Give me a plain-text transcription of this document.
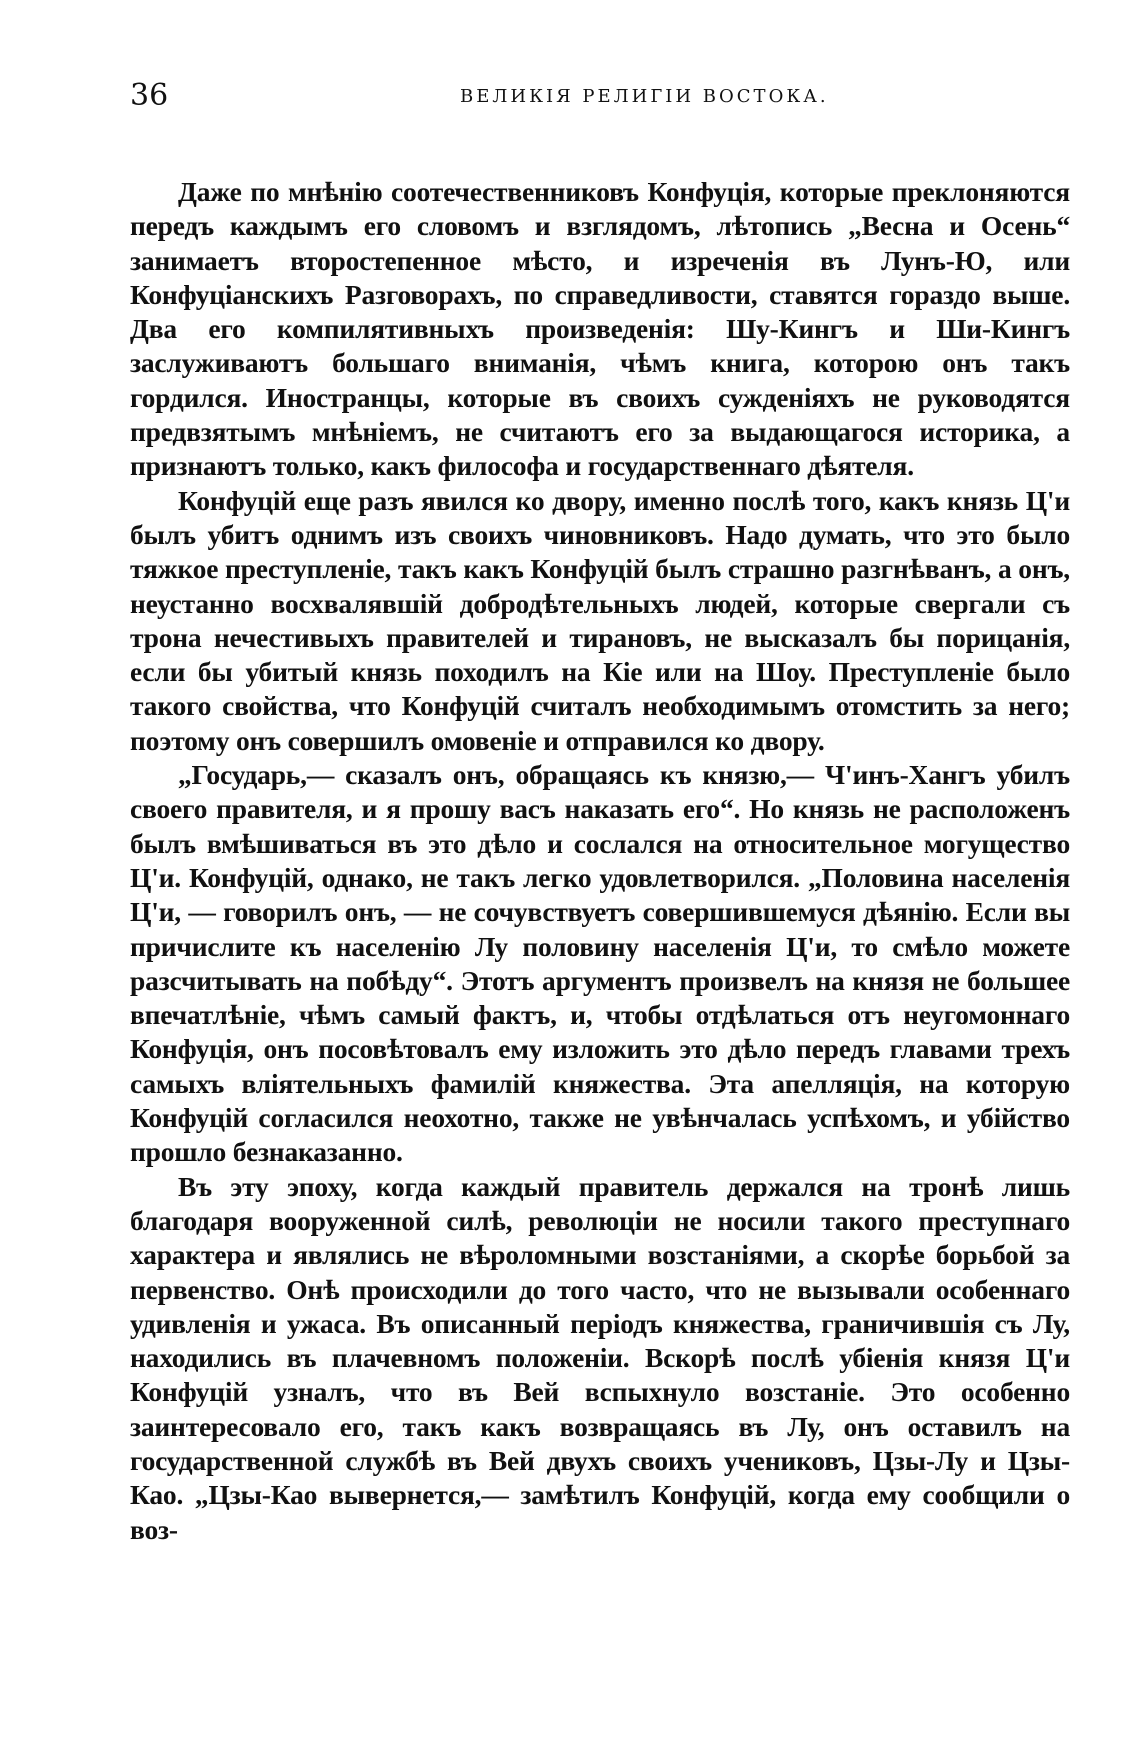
36	ВЕЛИКІЯ РЕЛИГІИ ВОСТОКА.

Даже по мнѣнію соотечественниковъ Конфуція, которые преклоняются передъ каждымъ его словомъ и взглядомъ, лѣтопись „Весна и Осень“ занимаетъ второстепенное мѣсто, и изреченія въ Лунъ-Ю, или Конфуціанскихъ Разговорахъ, по справедливости, ставятся гораздо выше. Два его компилятивныхъ произведенія: Шу-Кингъ и Ши-Кингъ заслуживаютъ большаго вниманія, чѣмъ книга, которою онъ такъ гордился. Иностранцы, которые въ своихъ сужденіяхъ не руководятся предвзятымъ мнѣніемъ, не считаютъ его за выдающагося историка, а признаютъ только, какъ философа и государственнаго дѣятеля.

Конфуцій еще разъ явился ко двору, именно послѣ того, какъ князь Ц'и былъ убитъ однимъ изъ своихъ чиновниковъ. Надо думать, что это было тяжкое преступленіе, такъ какъ Конфуцій былъ страшно разгнѣванъ, а онъ, неустанно восхвалявшій добродѣтельныхъ людей, которые свергали съ трона нечестивыхъ правителей и тирановъ, не высказалъ бы порицанія, если бы убитый князь походилъ на Кіе или на Шоу. Преступленіе было такого свойства, что Конфуцій считалъ необходимымъ отомстить за него; поэтому онъ совершилъ омовеніе и отправился ко двору.

„Государь,— сказалъ онъ, обращаясь къ князю,— Ч'инъ-Хангъ убилъ своего правителя, и я прошу васъ наказать его“. Но князь не расположенъ былъ вмѣшиваться въ это дѣло и сослался на относительное могущество Ц'и. Конфуцій, однако, не такъ легко удовлетворился. „Половина населенія Ц'и, — говорилъ онъ, — не сочувствуетъ совершившемуся дѣянію. Если вы причислите къ населенію Лу половину населенія Ц'и, то смѣло можете разсчитывать на побѣду“. Этотъ аргументъ произвелъ на князя не большее впечатлѣніе, чѣмъ самый фактъ, и, чтобы отдѣлаться отъ неугомоннаго Конфуція, онъ посовѣтовалъ ему изложить это дѣло передъ главами трехъ самыхъ вліятельныхъ фамилій княжества. Эта апелляція, на которую Конфуцій согласился неохотно, также не увѣнчалась успѣхомъ, и убійство прошло безнаказанно.

Въ эту эпоху, когда каждый правитель держался на тронѣ лишь благодаря вооруженной силѣ, революціи не носили такого преступнаго характера и являлись не вѣроломными возстаніями, а скорѣе борьбой за первенство. Онѣ происходили до того часто, что не вызывали особеннаго удивленія и ужаса. Въ описанный періодъ княжества, граничившія съ Лу, находились въ плачевномъ положеніи. Вскорѣ послѣ убіенія князя Ц'и Конфуцій узналъ, что въ Вей вспыхнуло возстаніе. Это особенно заинтересовало его, такъ какъ возвращаясь въ Лу, онъ оставилъ на государственной службѣ въ Вей двухъ своихъ учениковъ, Цзы-Лу и Цзы-Као. „Цзы-Као вывернется,— замѣтилъ Конфуцій, когда ему сообщили о воз-
